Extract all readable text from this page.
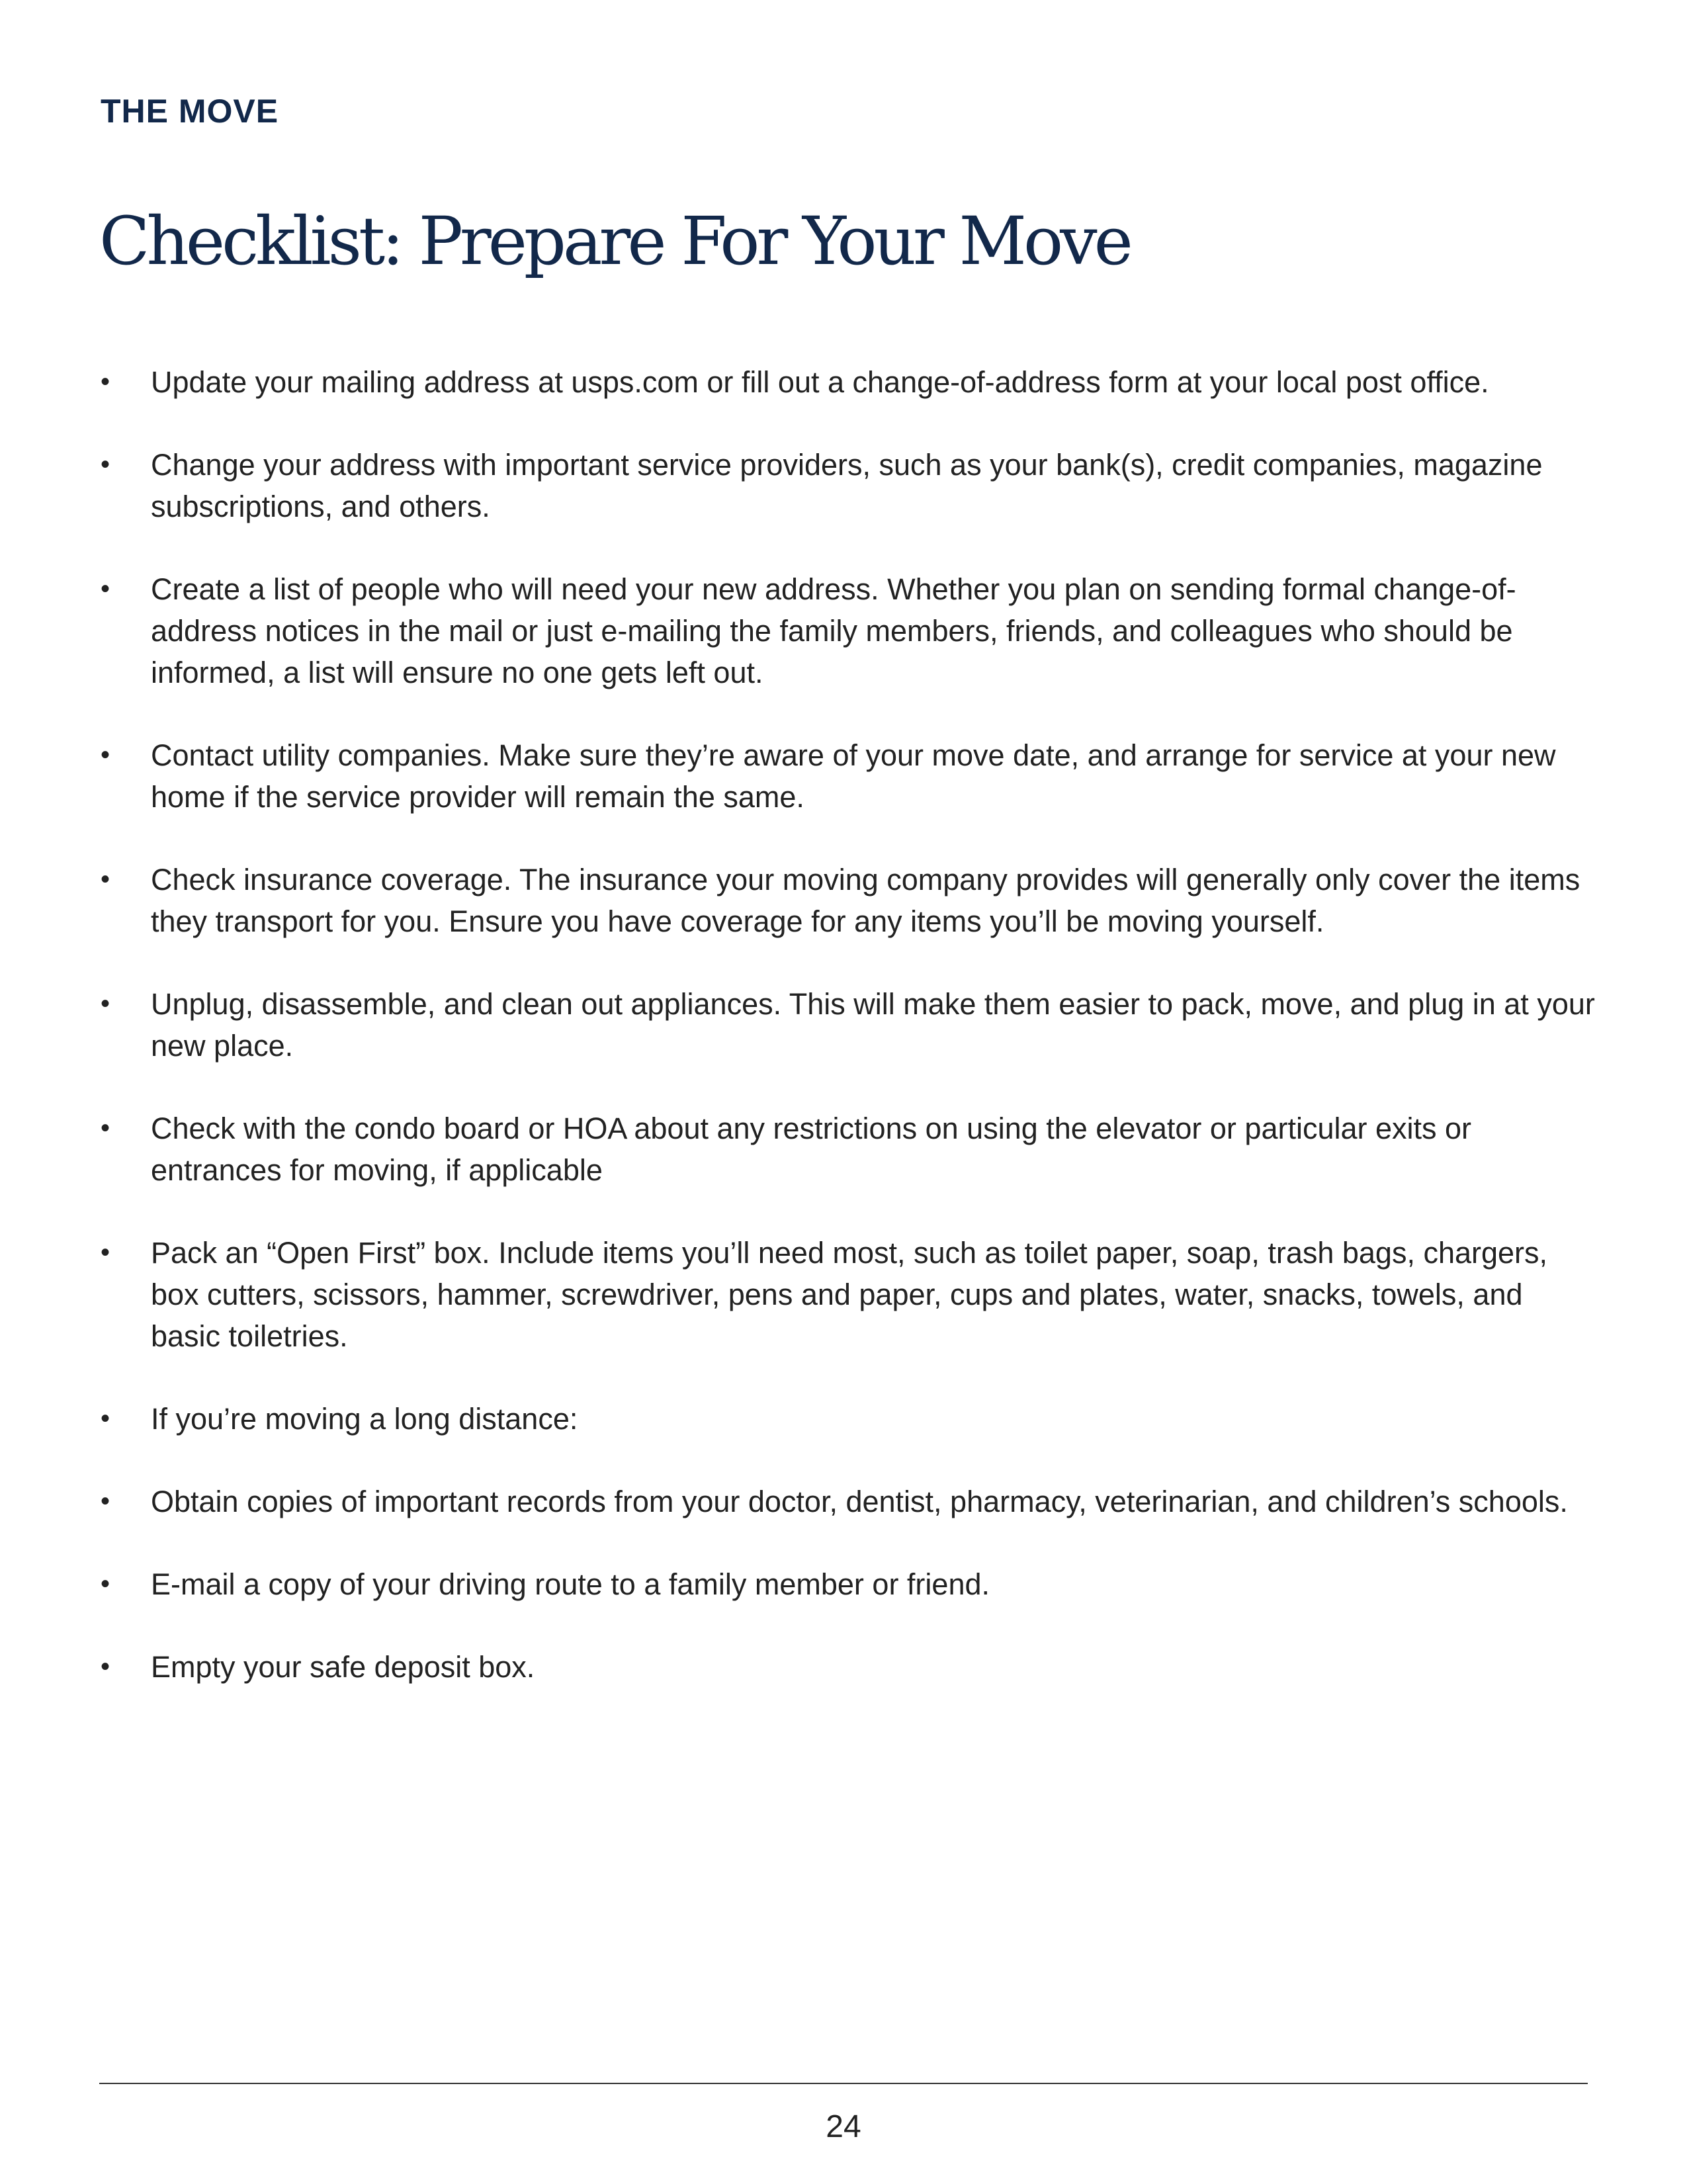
THE MOVE
Checklist: Prepare For Your Move
•	Update your mailing address at usps.com or fill out a change-of-address form at your local post office.
•	Change your address with important service providers, such as your bank(s), credit companies, magazine subscriptions, and others.
•	Create a list of people who will need your new address. Whether you plan on sending formal change-of-address notices in the mail or just e-mailing the family members, friends, and colleagues who should be informed, a list will ensure no one gets left out.
•	Contact utility companies. Make sure they’re aware of your move date, and arrange for service at your new home if the service provider will remain the same.
•	Check insurance coverage. The insurance your moving company provides will generally only cover the items they transport for you. Ensure you have coverage for any items you’ll be moving yourself.
•	Unplug, disassemble, and clean out appliances. This will make them easier to pack, move, and plug in at your new place.
•	Check with the condo board or HOA about any restrictions on using the elevator or particular exits or entrances for moving, if applicable
•	Pack an “Open First” box. Include items you’ll need most, such as toilet paper, soap, trash bags, chargers, box cutters, scissors, hammer, screwdriver, pens and paper, cups and plates, water, snacks, towels, and basic toiletries.
•	If you’re moving a long distance:
•	Obtain copies of important records from your doctor, dentist, pharmacy, veterinarian, and children’s schools.
•	E-mail a copy of your driving route to a family member or friend.
•	Empty your safe deposit box.
24
